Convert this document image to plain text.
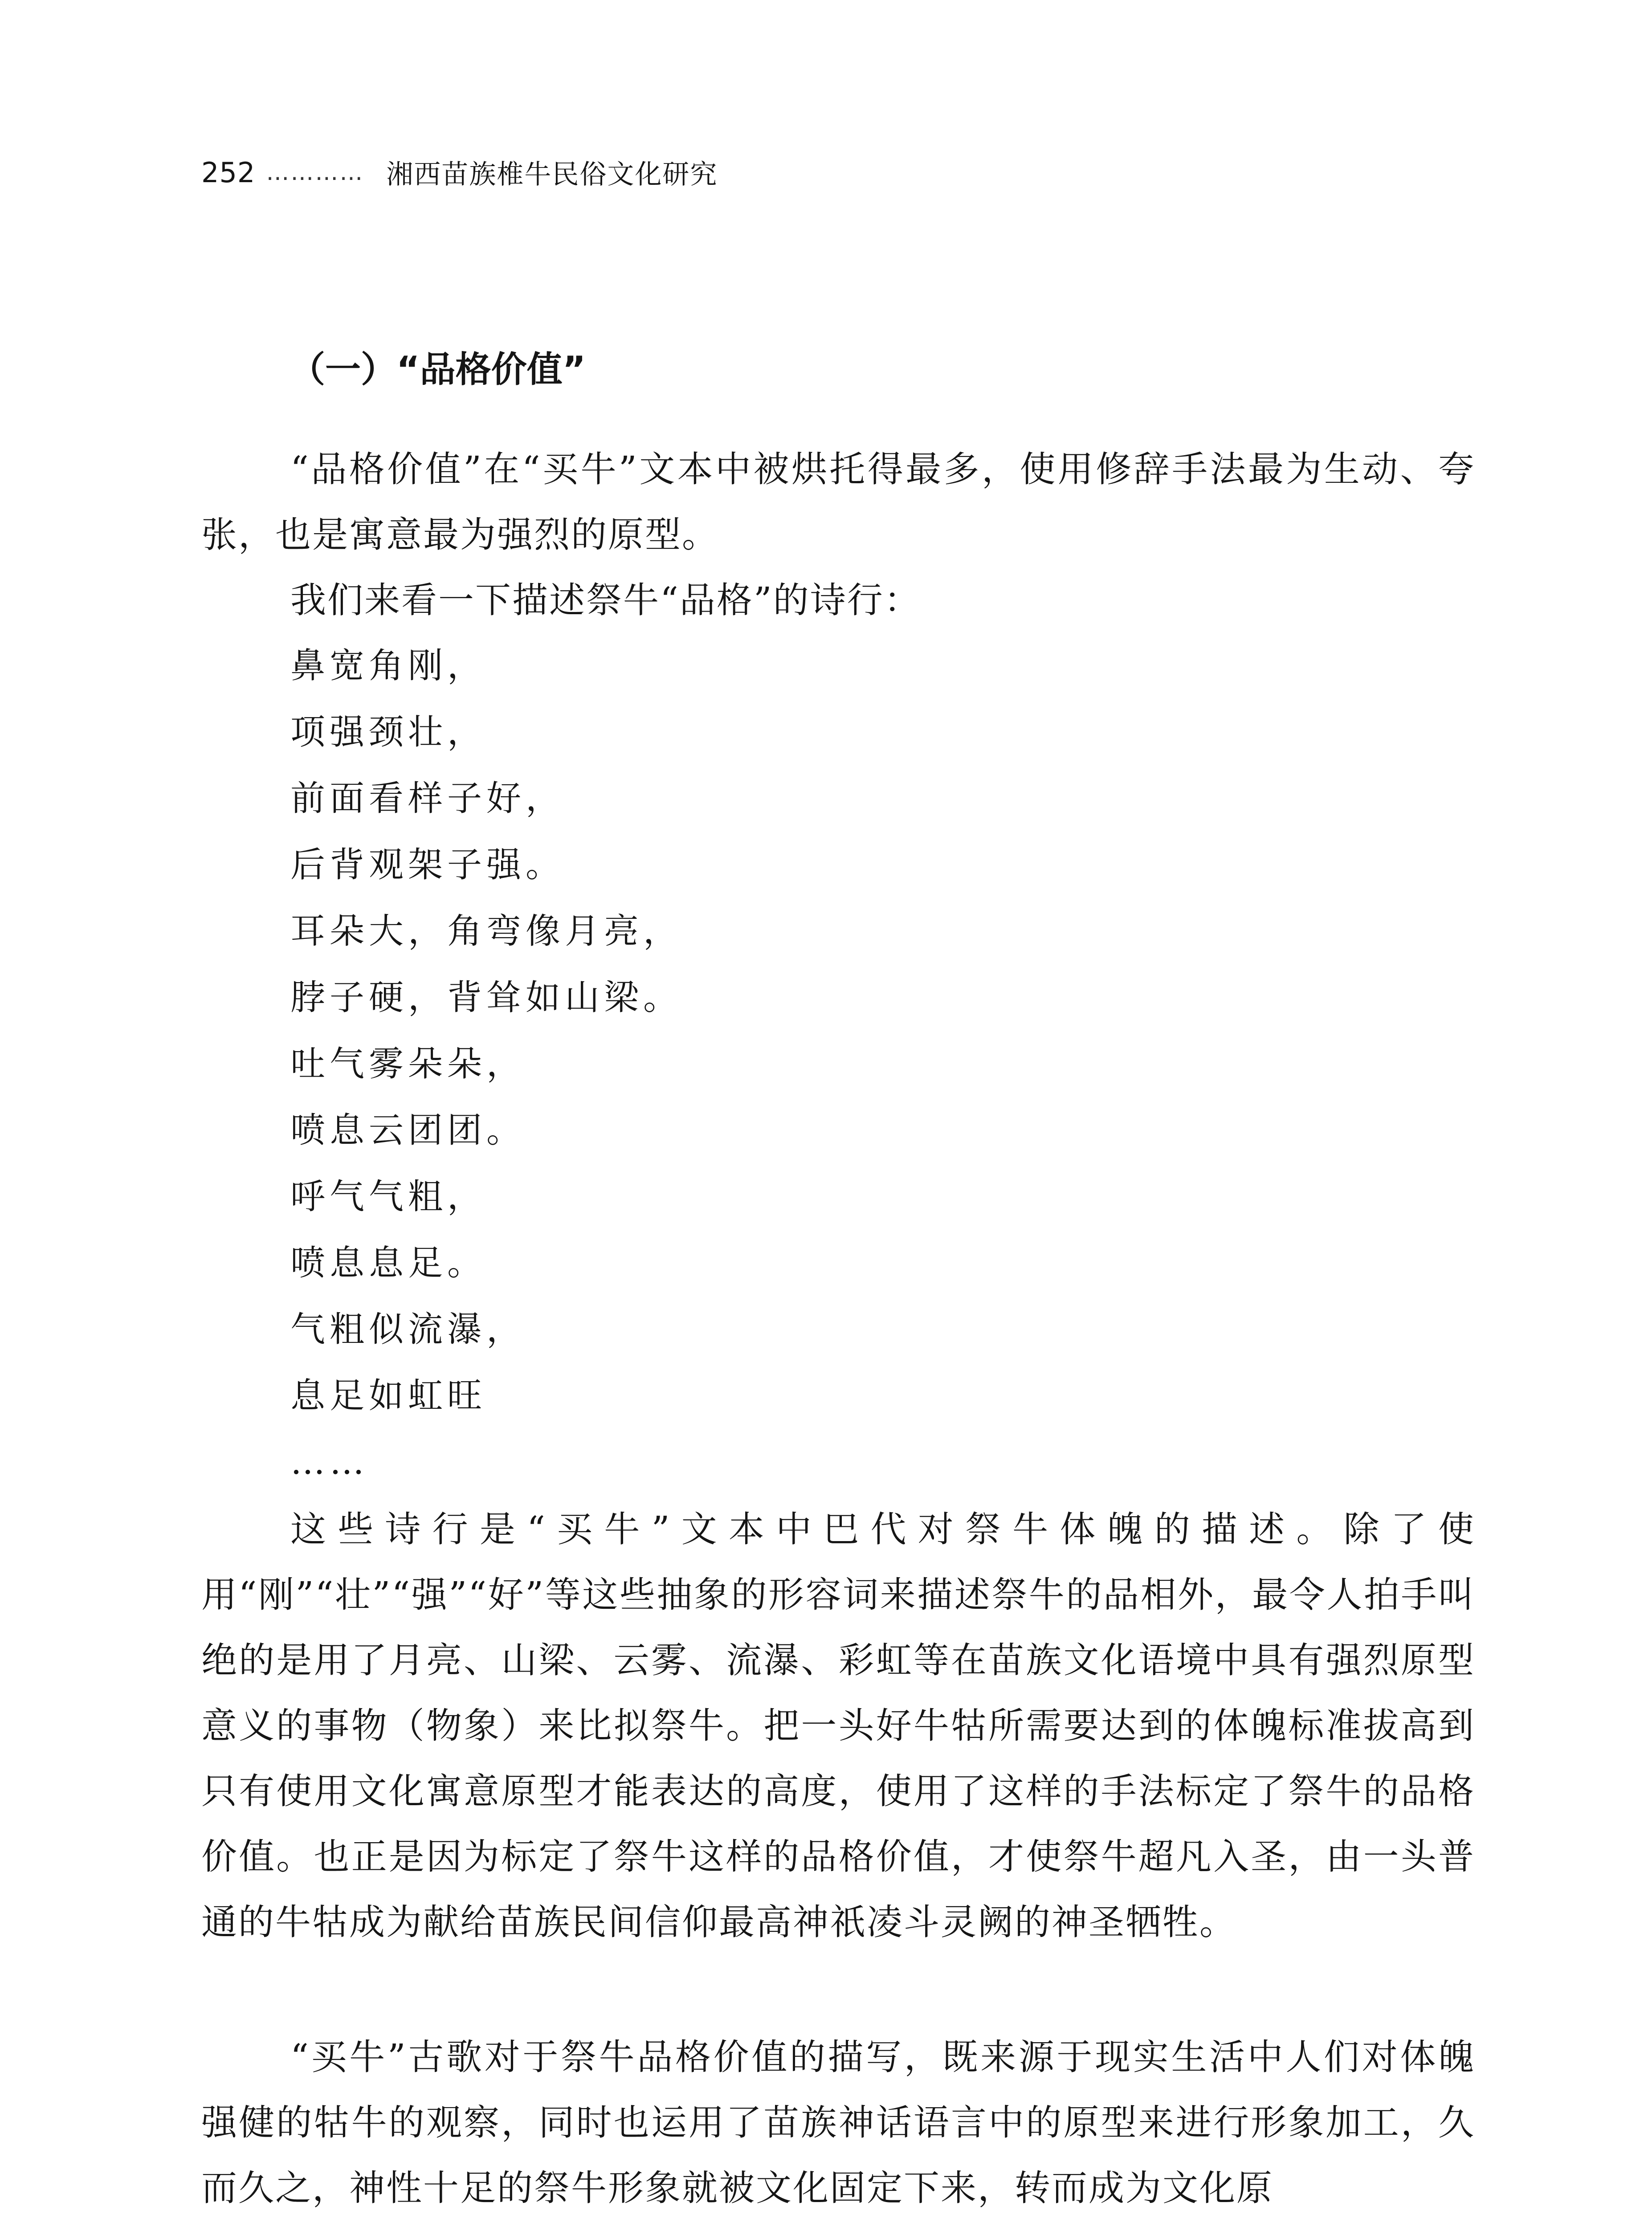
252 ………… 湘西苗族椎牛民俗文化研究
（一）“品格价值”

“品格价值”在“买牛”文本中被烘托得最多，使用修辞手法最为生动、夸张，也是寓意最为强烈的原型。

我们来看一下描述祭牛“品格”的诗行：

鼻宽角刚，
项强颈壮，
前面看样子好，
后背观架子强。
耳朵大，角弯像月亮，
脖子硬，背耸如山梁。
吐气雾朵朵，
喷息云团团。
呼气气粗，
喷息息足。
气粗似流瀑，
息足如虹旺
……

这些诗行是“买牛”文本中巴代对祭牛体魄的描述。除了使用“刚”“壮”“强”“好”等这些抽象的形容词来描述祭牛的品相外，最令人拍手叫绝的是用了月亮、山梁、云雾、流瀑、彩虹等在苗族文化语境中具有强烈原型意义的事物（物象）来比拟祭牛。把一头好牛牯所需要达到的体魄标准拔高到只有使用文化寓意原型才能表达的高度，使用了这样的手法标定了祭牛的品格价值。也正是因为标定了祭牛这样的品格价值，才使祭牛超凡入圣，由一头普通的牛牯成为献给苗族民间信仰最高神祇凌斗灵阙的神圣牺牲。

“买牛”古歌对于祭牛品格价值的描写，既来源于现实生活中人们对体魄强健的牯牛的观察，同时也运用了苗族神话语言中的原型来进行形象加工，久而久之，神性十足的祭牛形象就被文化固定下来，转而成为文化原
